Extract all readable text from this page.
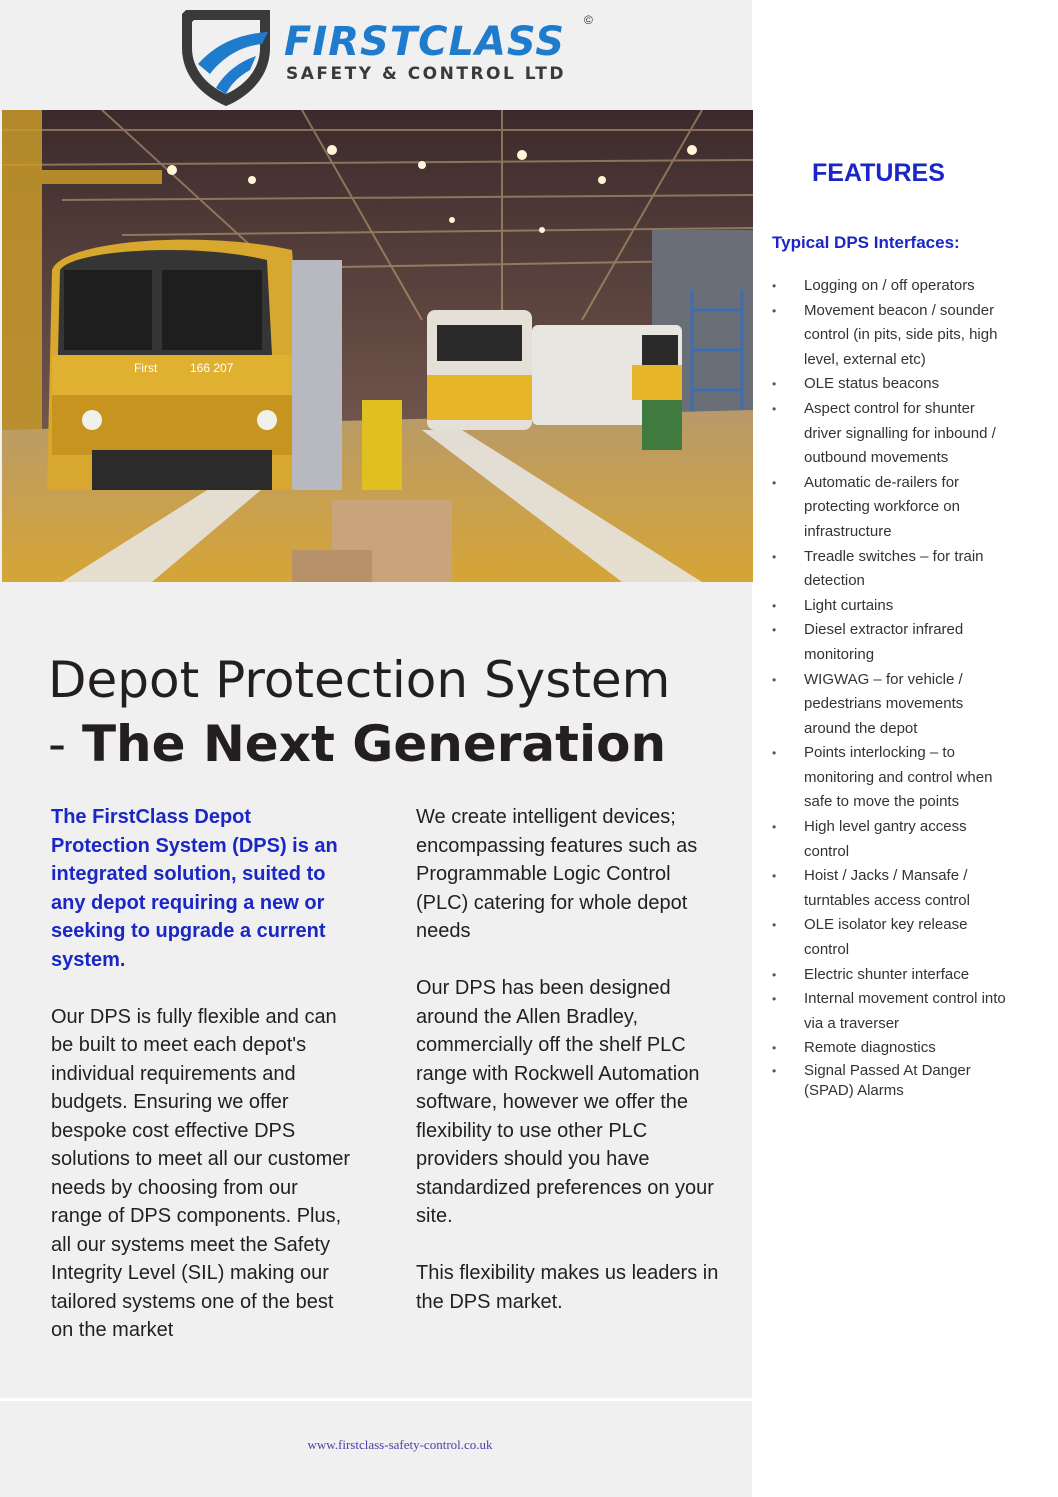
FIRSTCLASS
SAFETY & CONTROL LTD
©
First	166 207
Depot Protection System
- The Next Generation
The FirstClass Depot Protection System (DPS) is an integrated solution, suited to any depot requiring a new or seeking to upgrade a current system.
Our DPS is fully flexible and can be built to meet each depot's individual requirements and budgets. Ensuring we offer bespoke cost effective DPS solutions to meet all our customer needs by choosing from our range of DPS components. Plus, all our systems meet the Safety Integrity Level (SIL) making our tailored systems one of the best on the market
We create intelligent devices; encompassing features such as Programmable Logic Control (PLC) catering for whole depot needs
Our DPS has been designed around the Allen Bradley, commercially off the shelf PLC range with Rockwell Automation software, however we offer the flexibility to use other PLC providers should you have standardized preferences on your site.
This flexibility makes us leaders in the DPS market.
www.firstclass-safety-control.co.uk
FEATURES
Typical DPS Interfaces:
•	Logging on / off operators
•	Movement beacon / sounder control (in pits, side pits, high level, external etc)
•	OLE status beacons
•	Aspect control for shunter driver signalling for inbound / outbound movements
•	Automatic de-railers for protecting workforce on infrastructure
•	Treadle switches – for train detection
•	Light curtains
•	Diesel extractor infrared monitoring
•	WIGWAG – for vehicle / pedestrians movements around the depot
•	Points interlocking – to monitoring and control when safe to move the points
•	High level gantry access control
•	Hoist / Jacks / Mansafe / turntables access control
•	OLE isolator key release control
•	Electric shunter interface
•	Internal movement control into via a traverser
•	Remote diagnostics
•	Signal Passed At Danger (SPAD) Alarms
